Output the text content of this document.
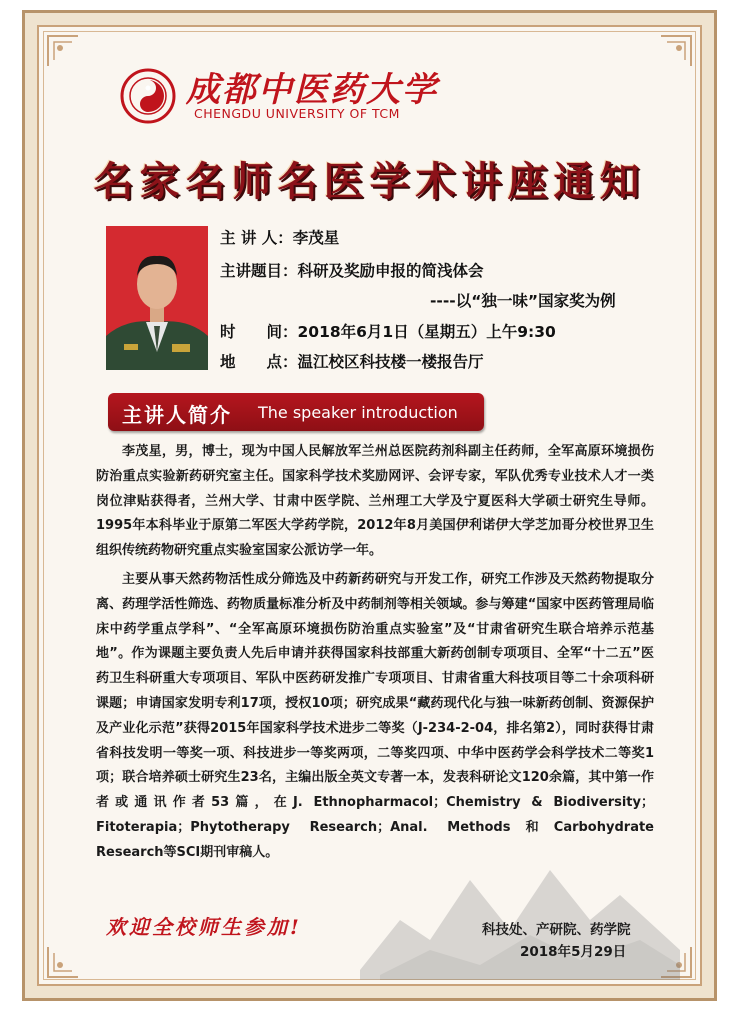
成都中医药大学
CHENGDU UNIVERSITY OF TCM
名家名师名医学术讲座通知
主 讲 人：李茂星
主讲题目：科研及奖励申报的简浅体会
----以“独一味”国家奖为例
时　　间：2018年6月1日（星期五）上午9:30
地　　点：温江校区科技楼一楼报告厅
主讲人简介 The speaker introduction

李茂星，男，博士，现为中国人民解放军兰州总医院药剂科副主任药师，全军高原环境损伤防治重点实验新药研究室主任。国家科学技术奖励网评、会评专家，军队优秀专业技术人才一类岗位津贴获得者，兰州大学、甘肃中医学院、兰州理工大学及宁夏医科大学硕士研究生导师。1995年本科毕业于原第二军医大学药学院，2012年8月美国伊利诺伊大学芝加哥分校世界卫生组织传统药物研究重点实验室国家公派访学一年。

主要从事天然药物活性成分筛选及中药新药研究与开发工作，研究工作涉及天然药物提取分离、药理学活性筛选、药物质量标准分析及中药制剂等相关领域。参与筹建“国家中医药管理局临床中药学重点学科”、“全军高原环境损伤防治重点实验室”及“甘肃省研究生联合培养示范基地”。作为课题主要负责人先后申请并获得国家科技部重大新药创制专项项目、全军“十二五”医药卫生科研重大专项项目、军队中医药研发推广专项项目、甘肃省重大科技项目等二十余项科研课题；申请国家发明专利17项，授权10项；研究成果“藏药现代化与独一味新药创制、资源保护及产业化示范”获得2015年国家科学技术进步二等奖（J-234-2-04，排名第2），同时获得甘肃省科技发明一等奖一项、科技进步一等奖两项，二等奖四项、中华中医药学会科学技术二等奖1项；联合培养硕士研究生23名，主编出版全英文专著一本，发表科研论文120余篇，其中第一作者或通讯作者53篇，在J. Ethnopharmacol；Chemistry & Biodiversity；Fitoterapia；Phytotherapy Research；Anal. Methods和Carbohydrate Research等SCI期刊审稿人。

欢迎全校师生参加!	科技处、产研院、药学院
2018年5月29日
